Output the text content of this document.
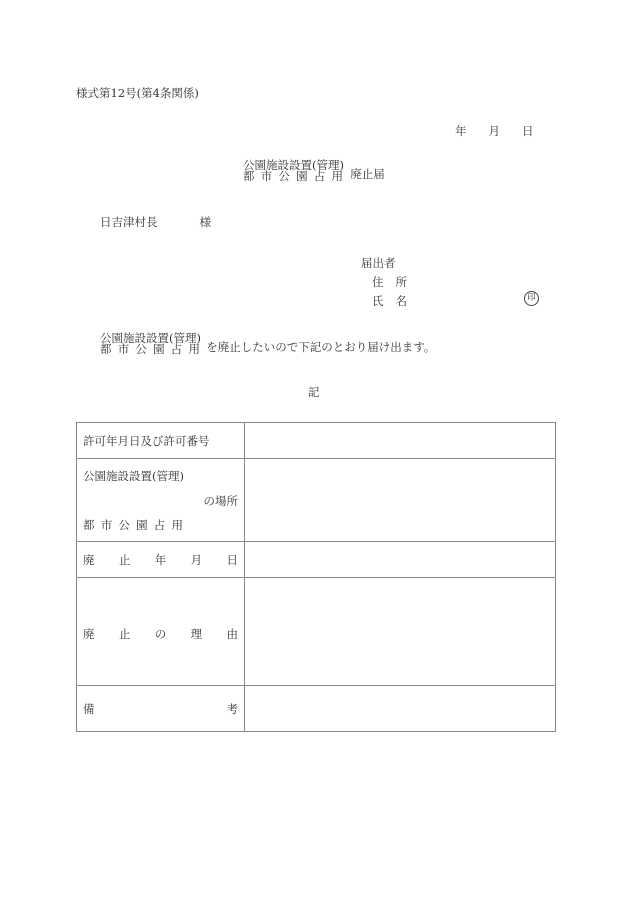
様式第12号(第4条関係)
年 月 日
公園施設設置(管理)
都市公園占用 廃止届
日吉津村長	様
届出者
住 所
氏 名	印
公園施設設置(管理)
都市公園占用 を廃止したいので下記のとおり届け出ます。
記
許可年月日及び許可番号	

公園施設設置(管理)
の場所
都市公園占用	

廃 止 年 月 日	

廃 止 の 理 由	

備 考	
